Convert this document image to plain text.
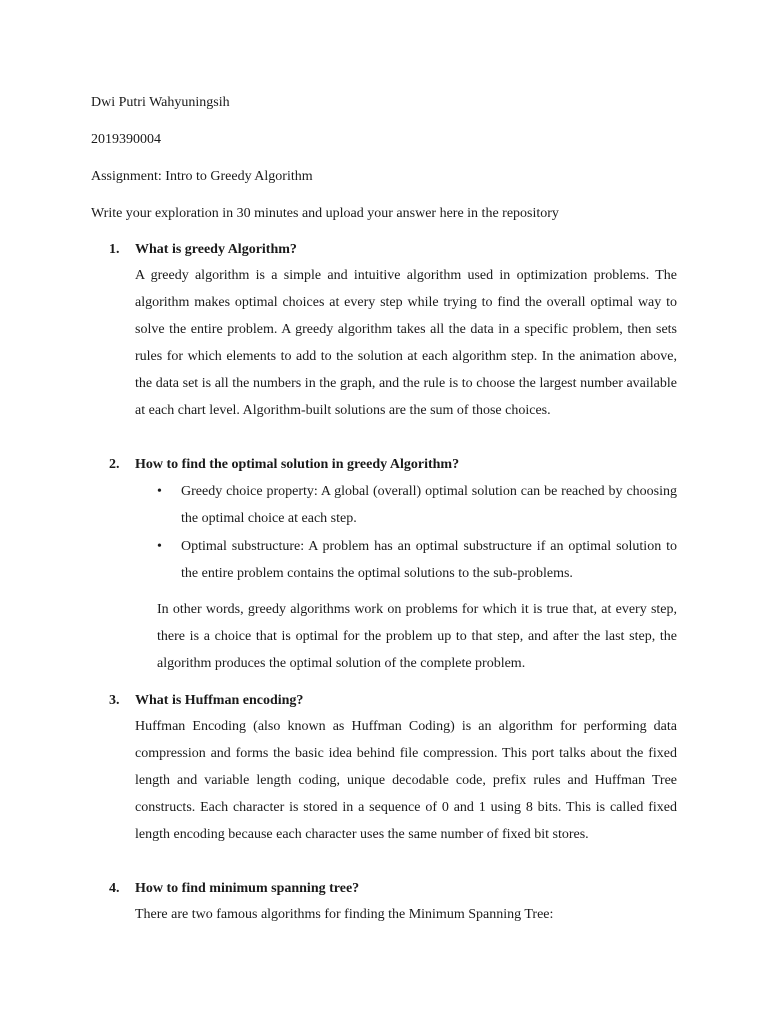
Dwi Putri Wahyuningsih
2019390004
Assignment: Intro to Greedy Algorithm
Write your exploration in 30 minutes and upload your answer here in the repository
1. What is greedy Algorithm?

A greedy algorithm is a simple and intuitive algorithm used in optimization problems. The algorithm makes optimal choices at every step while trying to find the overall optimal way to solve the entire problem. A greedy algorithm takes all the data in a specific problem, then sets rules for which elements to add to the solution at each algorithm step. In the animation above, the data set is all the numbers in the graph, and the rule is to choose the largest number available at each chart level. Algorithm-built solutions are the sum of those choices.

2. How to find the optimal solution in greedy Algorithm?
• Greedy choice property: A global (overall) optimal solution can be reached by choosing the optimal choice at each step.

• Optimal substructure: A problem has an optimal substructure if an optimal solution to the entire problem contains the optimal solutions to the sub-problems.

In other words, greedy algorithms work on problems for which it is true that, at every step, there is a choice that is optimal for the problem up to that step, and after the last step, the algorithm produces the optimal solution of the complete problem.

3. What is Huffman encoding?

Huffman Encoding (also known as Huffman Coding) is an algorithm for performing data compression and forms the basic idea behind file compression. This port talks about the fixed length and variable length coding, unique decodable code, prefix rules and Huffman Tree constructs. Each character is stored in a sequence of 0 and 1 using 8 bits. This is called fixed length encoding because each character uses the same number of fixed bit stores.

4. How to find minimum spanning tree?

There are two famous algorithms for finding the Minimum Spanning Tree:
